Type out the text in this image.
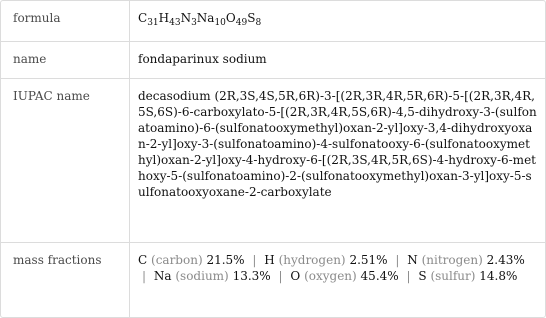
formula	$C_{31}H_{43}N_3Na_{10}O_{49}S_8$
name	fondaparinux sodium
IUPAC name	decasodium (2R,3S,4S,5R,6R)-3-[(2R,3R,4R,5R,6R)-5-[(2R,3R,4R,5S,6S)-6-carboxylato-5-[(2R,3R,4R,5S,6R)-4,5-dihydroxy-3-(sulfonatoamino)-6-(sulfonatooxymethyl)oxan-2-yl]oxy-3,4-dihydroxyoxan-2-yl]oxy-3-(sulfonatoamino)-4-sulfonatooxy-6-(sulfonatooxymethyl)oxan-2-yl]oxy-4-hydroxy-6-[(2R,3S,4R,5R,6S)-4-hydroxy-6-methoxy-5-(sulfonatoamino)-2-(sulfonatooxymethyl)oxan-3-yl]oxy-5-sulfonatooxyoxane-2-carboxylate
mass fractions	C (carbon) 21.5% | H (hydrogen) 2.51% | N (nitrogen) 2.43% | Na (sodium) 13.3% | O (oxygen) 45.4% | S (sulfur) 14.8%
